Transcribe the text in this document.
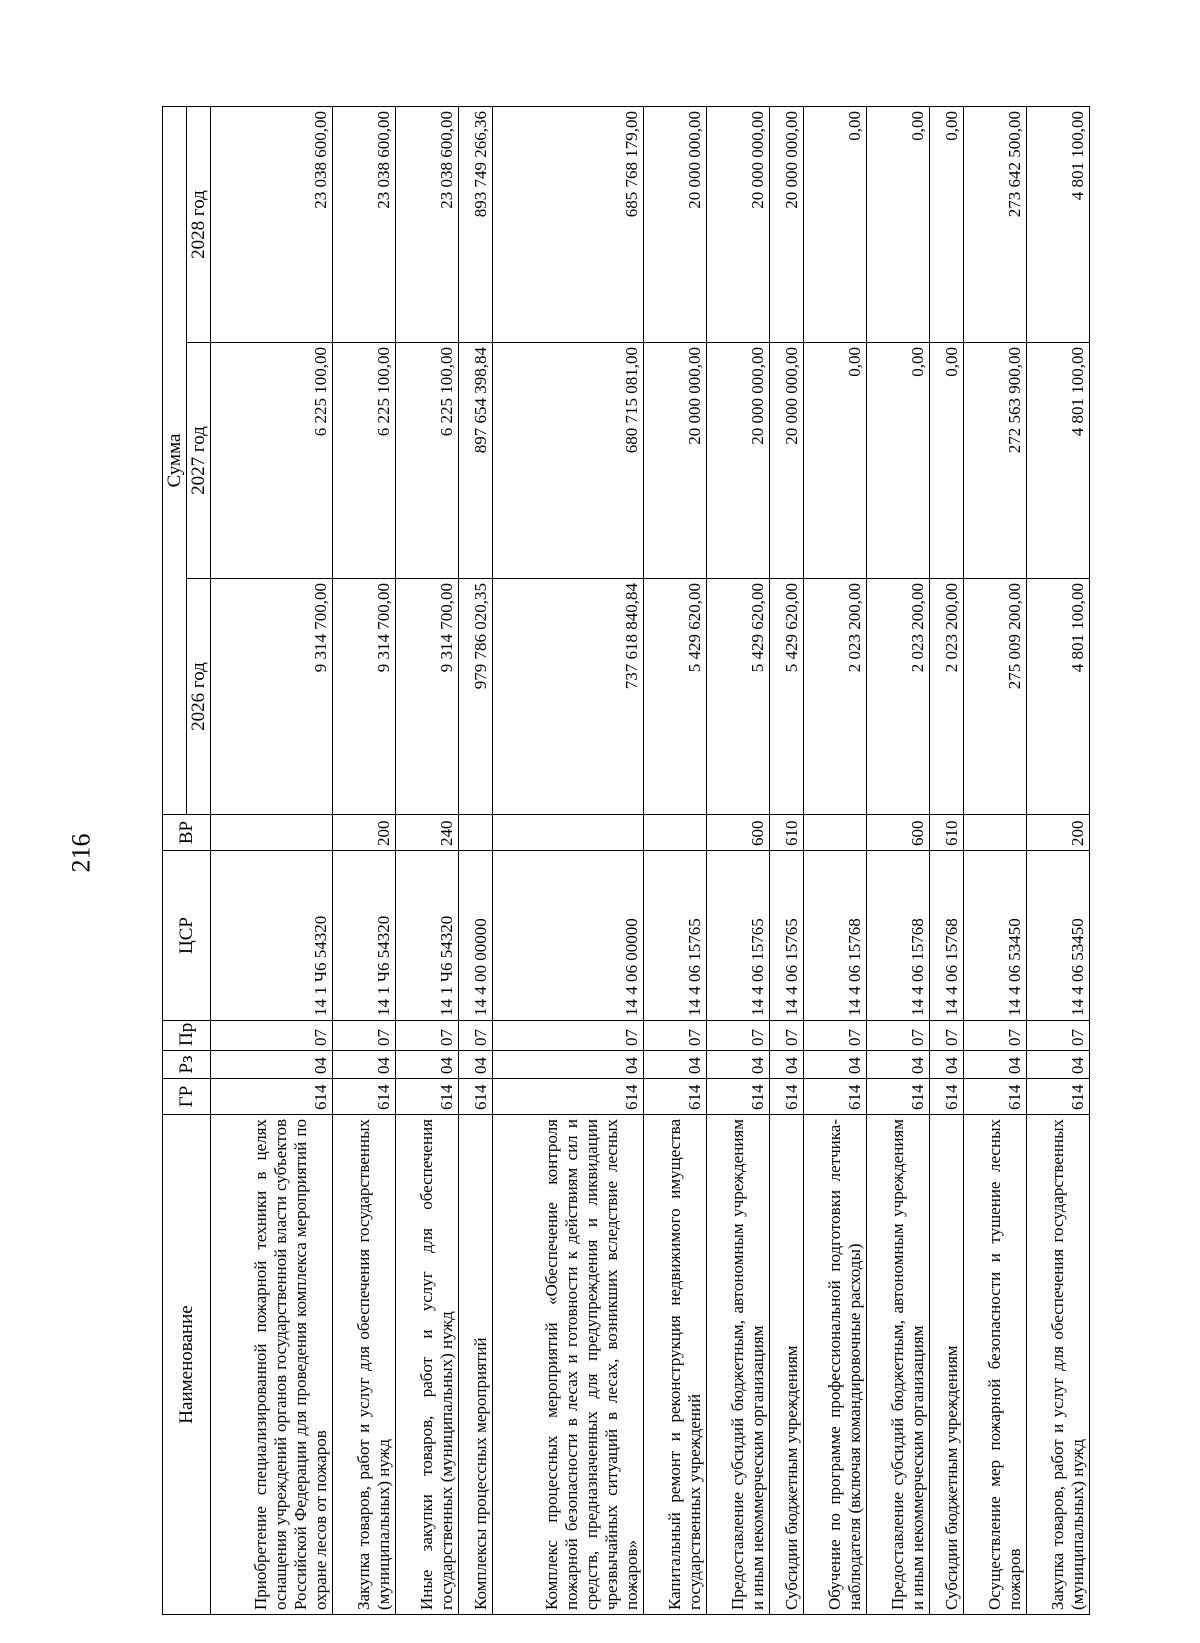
216
Наименование	ГР	Рз	Пр	ЦСР	ВР	Сумма		
						2026 год	2027 год	2028 год
Приобретение специализированной пожарной техники в целях оснащения учреждений органов государственной власти субъектов Российской Федерации для проведения комплекса мероприятий по охране лесов от пожаров	614	04	07	14 1 Ч6 54320		9 314 700,00	6 225 100,00	23 038 600,00
Закупка товаров, работ и услуг для обеспечения государственных (муниципальных) нужд	614	04	07	14 1 Ч6 54320	200	9 314 700,00	6 225 100,00	23 038 600,00
Иные закупки товаров, работ и услуг для обеспечения государственных (муниципальных) нужд	614	04	07	14 1 Ч6 54320	240	9 314 700,00	6 225 100,00	23 038 600,00
Комплексы процессных мероприятий	614	04	07	14 4 00 00000		979 786 020,35	897 654 398,84	893 749 266,36
Комплекс процессных мероприятий «Обеспечение контроля пожарной безопасности в лесах и готовности к действиям сил и средств, предназначенных для предупреждения и ликвидации чрезвычайных ситуаций в лесах, возникших вследствие лесных пожаров»	614	04	07	14 4 06 00000		737 618 840,84	680 715 081,00	685 768 179,00
Капитальный ремонт и реконструкция недвижимого имущества государственных учреждений	614	04	07	14 4 06 15765		5 429 620,00	20 000 000,00	20 000 000,00
Предоставление субсидий бюджетным, автономным учреждениям и иным некоммерческим организациям	614	04	07	14 4 06 15765	600	5 429 620,00	20 000 000,00	20 000 000,00
Субсидии бюджетным учреждениям	614	04	07	14 4 06 15765	610	5 429 620,00	20 000 000,00	20 000 000,00
Обучение по программе профессиональной подготовки летчика-наблюдателя (включая командировочные расходы)	614	04	07	14 4 06 15768		2 023 200,00	0,00	0,00
Предоставление субсидий бюджетным, автономным учреждениям и иным некоммерческим организациям	614	04	07	14 4 06 15768	600	2 023 200,00	0,00	0,00
Субсидии бюджетным учреждениям	614	04	07	14 4 06 15768	610	2 023 200,00	0,00	0,00
Осуществление мер пожарной безопасности и тушение лесных пожаров	614	04	07	14 4 06 53450		275 009 200,00	272 563 900,00	273 642 500,00
Закупка товаров, работ и услуг для обеспечения государственных (муниципальных) нужд	614	04	07	14 4 06 53450	200	4 801 100,00	4 801 100,00	4 801 100,00
